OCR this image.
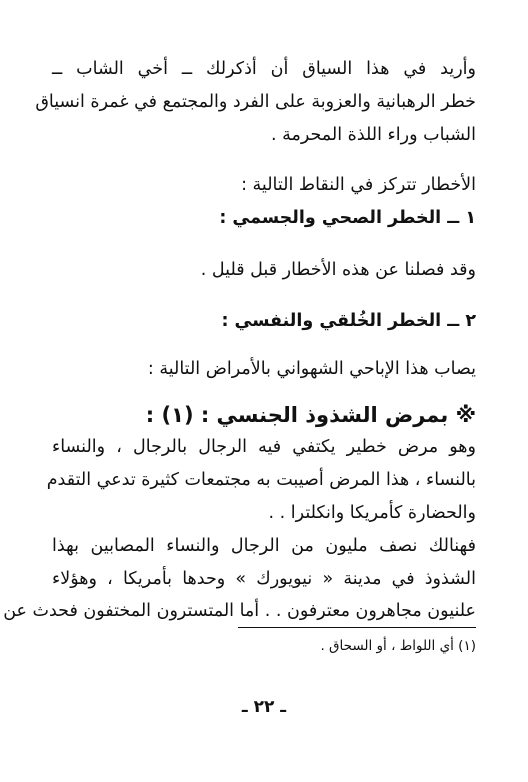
وأريد في هذا السياق أن أذكرلك ــ أخي الشاب ــ
خطر الرهبانية والعزوبة على الفرد والمجتمع في غمرة انسياق
الشباب وراء اللذة المحرمة .
الأخطار تتركز في النقاط التالية :
١ ــ الخطر الصحي والجسمي :
وقد فصلنا عن هذه الأخطار قبل قليل .
٢ ــ الخطر الخُلقي والنفسي :
يصاب هذا الإباحي الشهواني بالأمراض التالية :
※ بمرض الشذوذ الجنسي : (١) :
وهو مرض خطير يكتفي فيه الرجال بالرجال ، والنساء
بالنساء ، هذا المرض أصيبت به مجتمعات كثيرة تدعي التقدم
والحضارة كأمريكا وانكلترا . .
فهنالك نصف مليون من الرجال والنساء المصابين بهذا
الشذوذ في مدينة « نيويورك » وحدها بأمريكا ، وهؤلاء
علنيون مجاهرون معترفون . . أما المتسترون المختفون فحدث عن
(١) أي اللواط ، أو السحاق .
ـ ٢٢ ـ
